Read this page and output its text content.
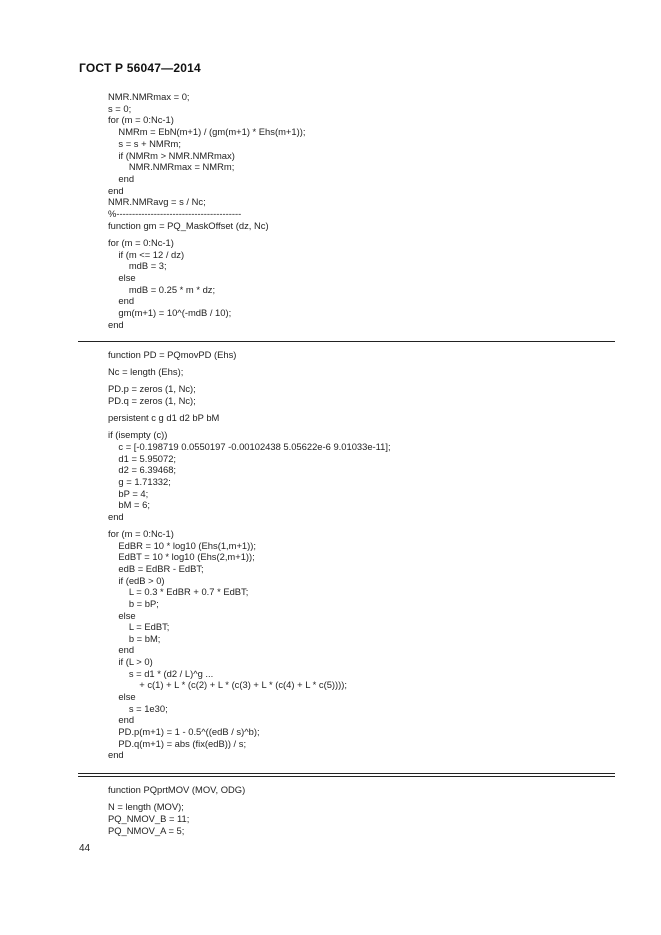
ГОСТ Р 56047—2014
NMR.NMRmax = 0;
s = 0;
for (m = 0:Nc-1)
NMRm = EbN(m+1) / (gm(m+1) * Ehs(m+1));
s = s + NMRm;
if (NMRm > NMR.NMRmax)
NMR.NMRmax = NMRm;
end
end
NMR.NMRavg = s / Nc;
%----------------------------------------
function gm = PQ_MaskOffset (dz, Nc)
for (m = 0:Nc-1)
if (m <= 12 / dz)
mdB = 3;
else
mdB = 0.25 * m * dz;
end
gm(m+1) = 10^(-mdB / 10);
end
function PD = PQmovPD (Ehs)
Nc = length (Ehs);
PD.p = zeros (1, Nc);
PD.q = zeros (1, Nc);
persistent c g d1 d2 bP bM
if (isempty (c))
c = [-0.198719 0.0550197 -0.00102438 5.05622e-6 9.01033e-11];
d1 = 5.95072;
d2 = 6.39468;
g = 1.71332;
bP = 4;
bM = 6;
end
for (m = 0:Nc-1)
EdBR = 10 * log10 (Ehs(1,m+1));
EdBT = 10 * log10 (Ehs(2,m+1));
edB = EdBR - EdBT;
if (edB > 0)
L = 0.3 * EdBR + 0.7 * EdBT;
b = bP;
else
L = EdBT;
b = bM;
end
if (L > 0)
s = d1 * (d2 / L)^g ...
+ c(1) + L * (c(2) + L * (c(3) + L * (c(4) + L * c(5))));
else
s = 1e30;
end
PD.p(m+1) = 1 - 0.5^((edB / s)^b);
PD.q(m+1) = abs (fix(edB)) / s;
end
function PQprtMOV (MOV, ODG)
N = length (MOV);
PQ_NMOV_B = 11;
PQ_NMOV_A = 5;
44
